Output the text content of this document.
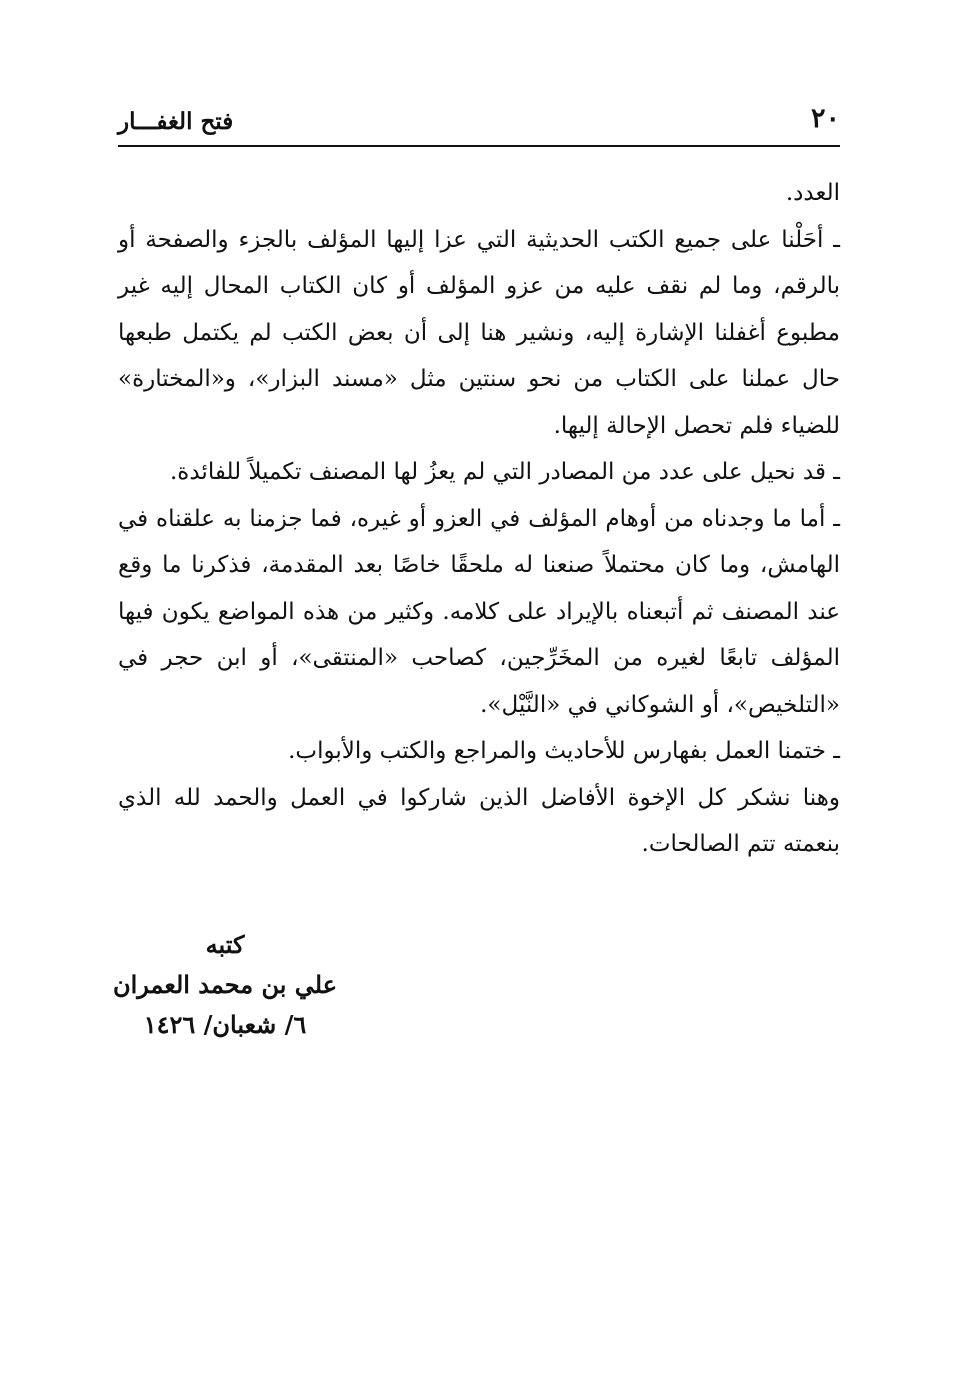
٢٠
فتح الغفـــار

العدد.

ـ أحَلْنا على جميع الكتب الحديثية التي عزا إليها المؤلف بالجزء والصفحة أو بالرقم، وما لم نقف عليه من عزو المؤلف أو كان الكتاب المحال إليه غير مطبوع أغفلنا الإشارة إليه، ونشير هنا إلى أن بعض الكتب لم يكتمل طبعها حال عملنا على الكتاب من نحو سنتين مثل «مسند البزار»، و«المختارة» للضياء فلم تحصل الإحالة إليها.

ـ قد نحيل على عدد من المصادر التي لم يعزُ لها المصنف تكميلاً للفائدة.

ـ أما ما وجدناه من أوهام المؤلف في العزو أو غيره، فما جزمنا به علقناه في الهامش، وما كان محتملاً صنعنا له ملحقًا خاصًا بعد المقدمة، فذكرنا ما وقع عند المصنف ثم أتبعناه بالإيراد على كلامه. وكثير من هذه المواضع يكون فيها المؤلف تابعًا لغيره من المخَرِّجين، كصاحب «المنتقى»، أو ابن حجر في «التلخيص»، أو الشوكاني في «النَّيْل».

ـ ختمنا العمل بفهارس للأحاديث والمراجع والكتب والأبواب.

وهنا نشكر كل الإخوة الأفاضل الذين شاركوا في العمل والحمد لله الذي بنعمته تتم الصالحات.

كتبه
علي بن محمد العمران
٦/ شعبان/ ١٤٢٦
